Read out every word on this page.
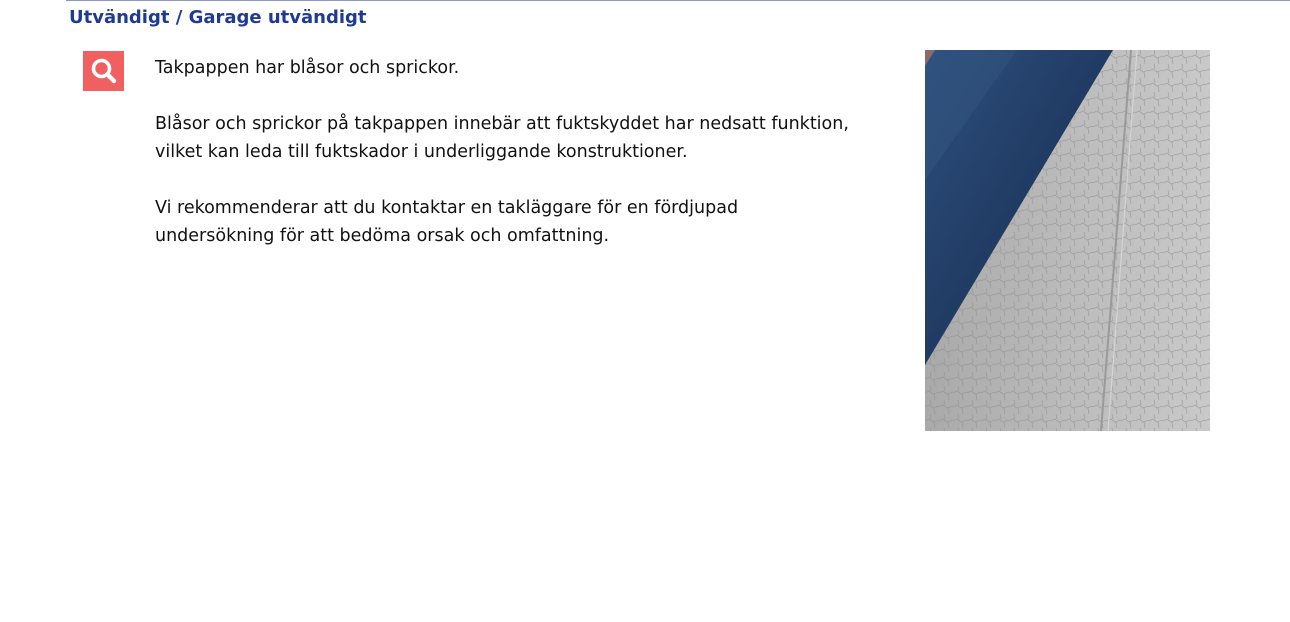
Utvändigt / Garage utvändigt

Takpappen har blåsor och sprickor.

Blåsor och sprickor på takpappen innebär att fuktskyddet har nedsatt funktion, vilket kan leda till fuktskador i underliggande konstruktioner.

Vi rekommenderar att du kontaktar en takläggare för en fördjupad undersökning för att bedöma orsak och omfattning.
